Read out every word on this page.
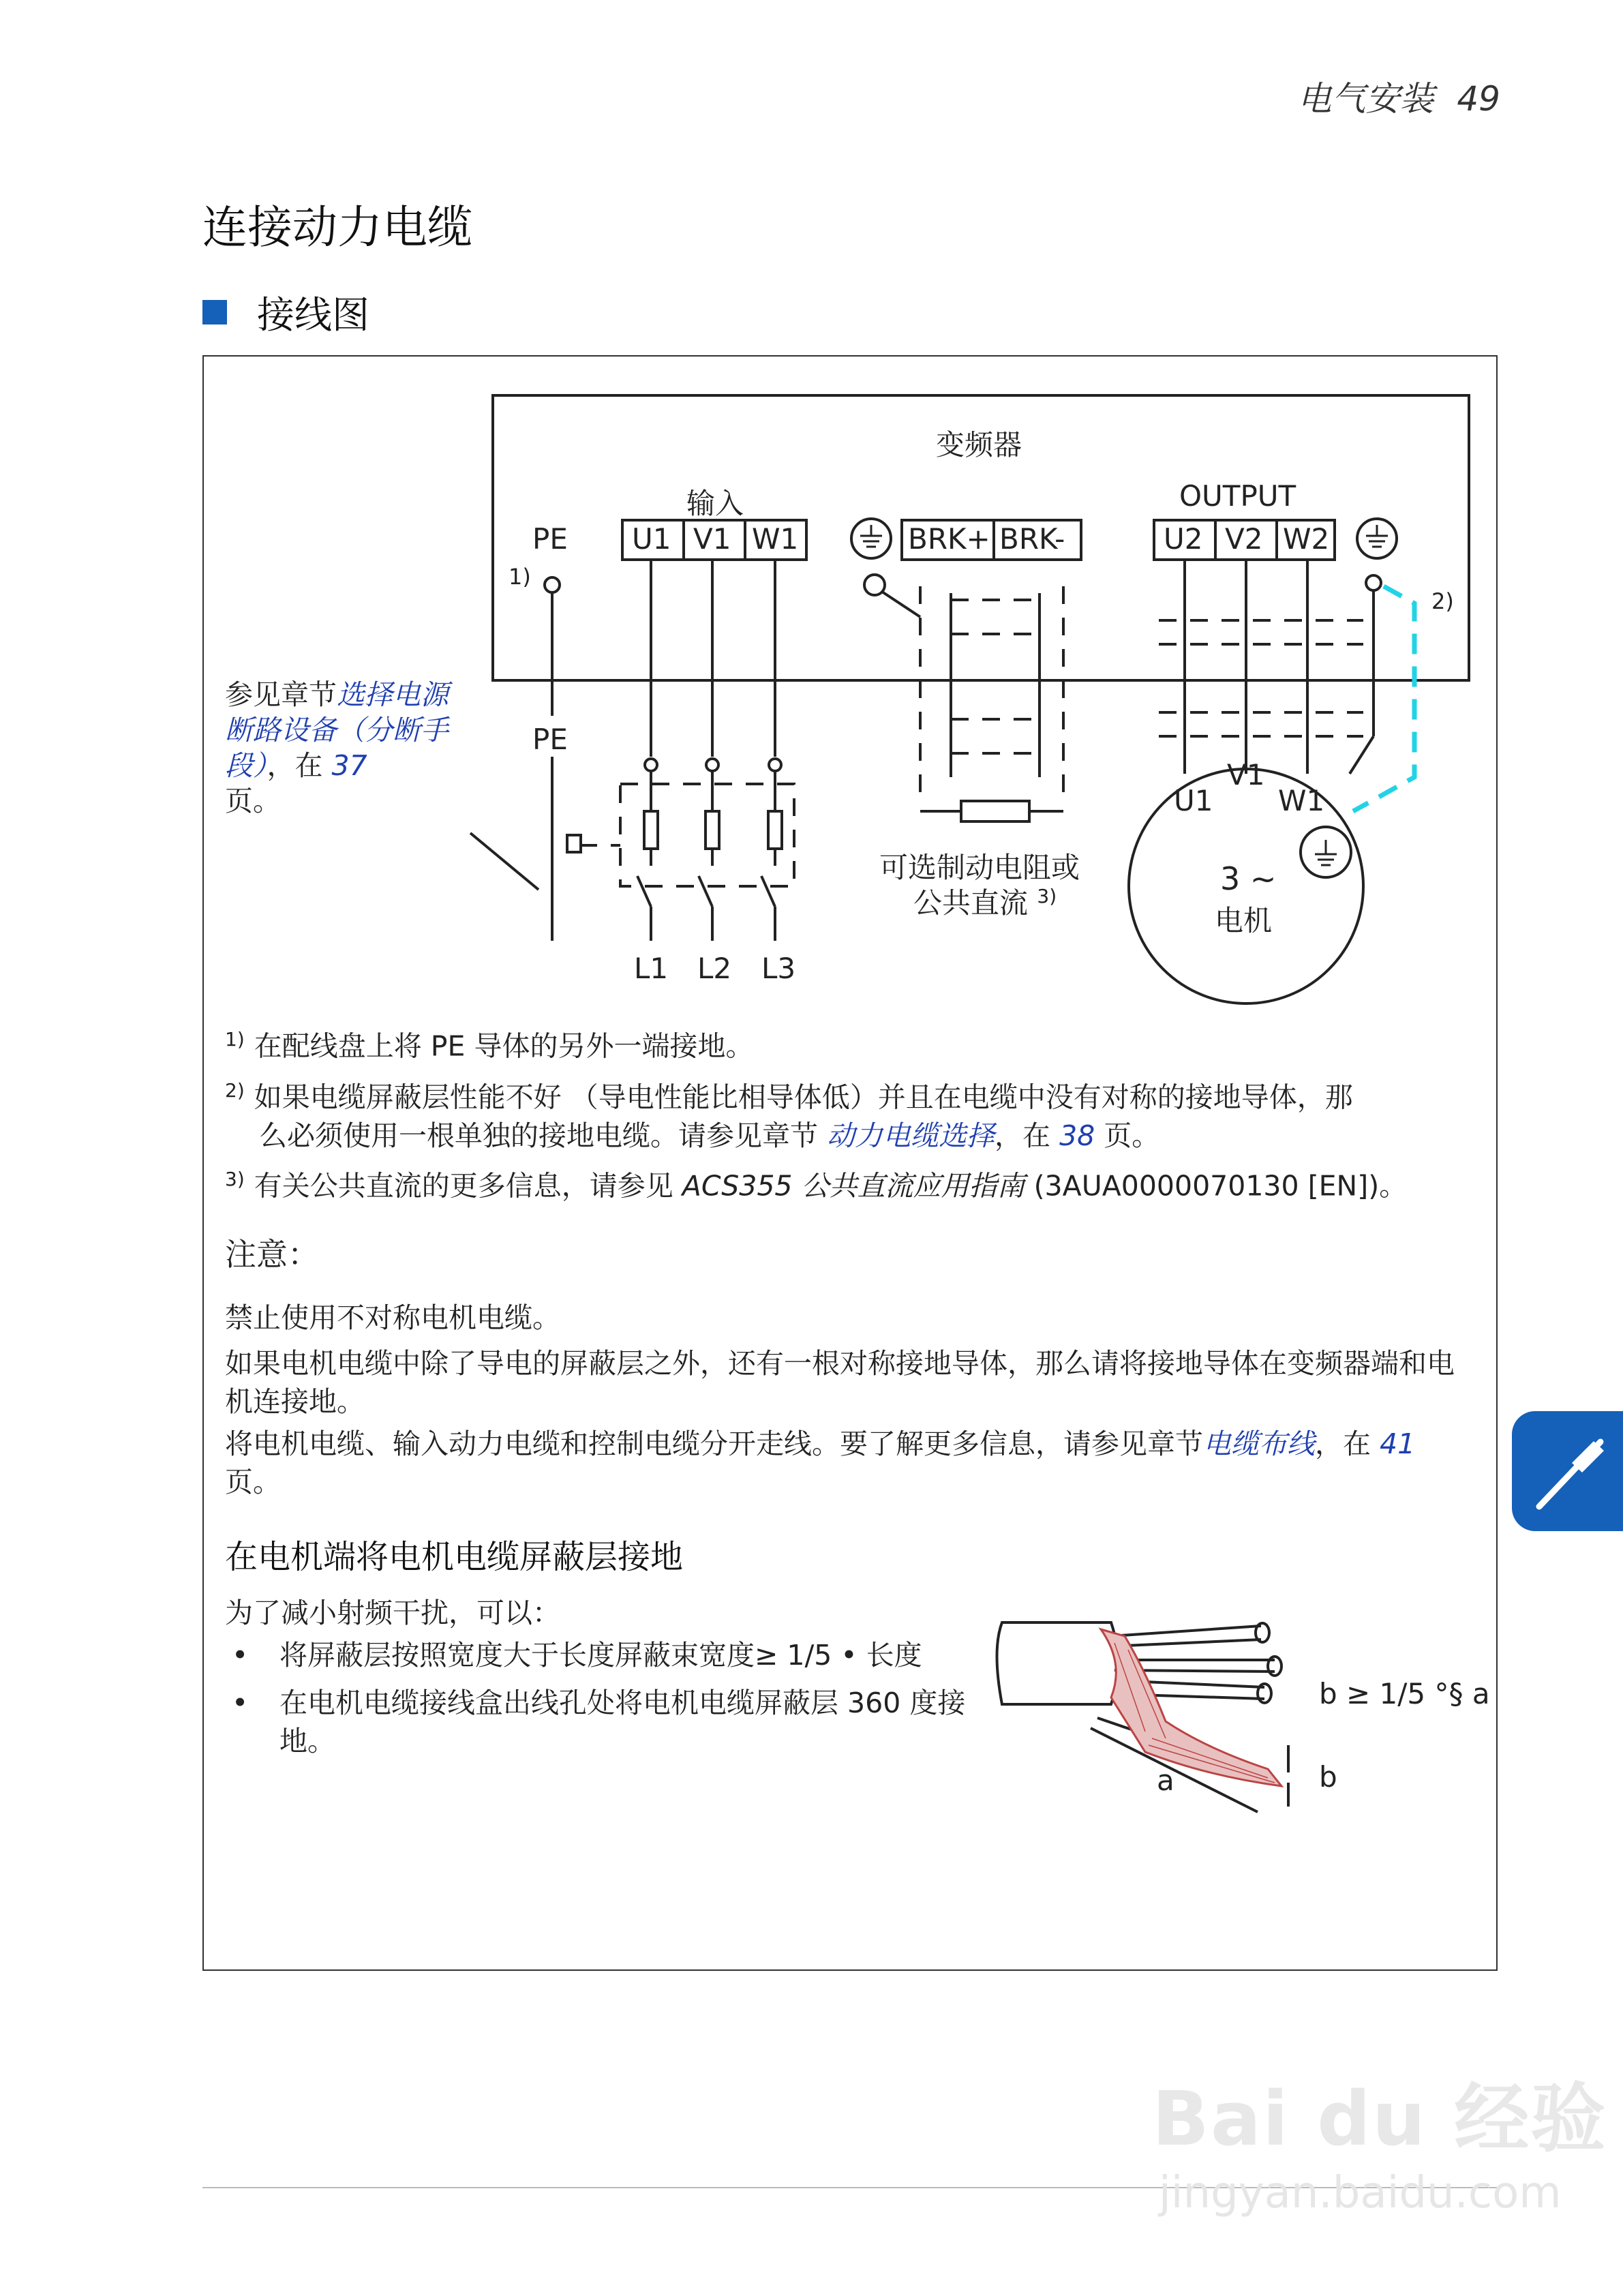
电气安装 49
连接动力电缆
接线图
变频器
输入	OUTPUT
PE
PE
1)
2)
U1 V1 W1	BRK+ BRK-	U2 V2 W2
L1 L2 L3
U1
V1
W1
3 ~
电机
可选制动电阻或
公共直流 $^{3)}$
参见章节选择电源断路设备（分断手段），在 37
页。
$^{1)}$ 在配线盘上将 PE 导体的另外一端接地。
$^{2)}$ 如果电缆屏蔽层性能不好 （导电性能比相导体低）并且在电缆中没有对称的接地导体，那
么必须使用一根单独的接地电缆。请参见章节 动力电缆选择，在 38 页。
$^{3)}$ 有关公共直流的更多信息，请参见 ACS355 公共直流应用指南 (3AUA0000070130 [EN])。
注意：
禁止使用不对称电机电缆。
如果电机电缆中除了导电的屏蔽层之外，还有一根对称接地导体，那么请将接地导体在变频器端和电机连接地。
将电机电缆、输入动力电缆和控制电缆分开走线。要了解更多信息，请参见章节电缆布线，在 41 页。
在电机端将电机电缆屏蔽层接地
为了减小射频干扰，可以：
•	将屏蔽层按照宽度大于长度屏蔽束宽度≥ 1/5 • 长度
•	在电机电缆接线盒出线孔处将电机电缆屏蔽层 360 度接地。
b ≥ 1/5 °§ a
a	b
Bai du 经验
jingyan.baidu.com
